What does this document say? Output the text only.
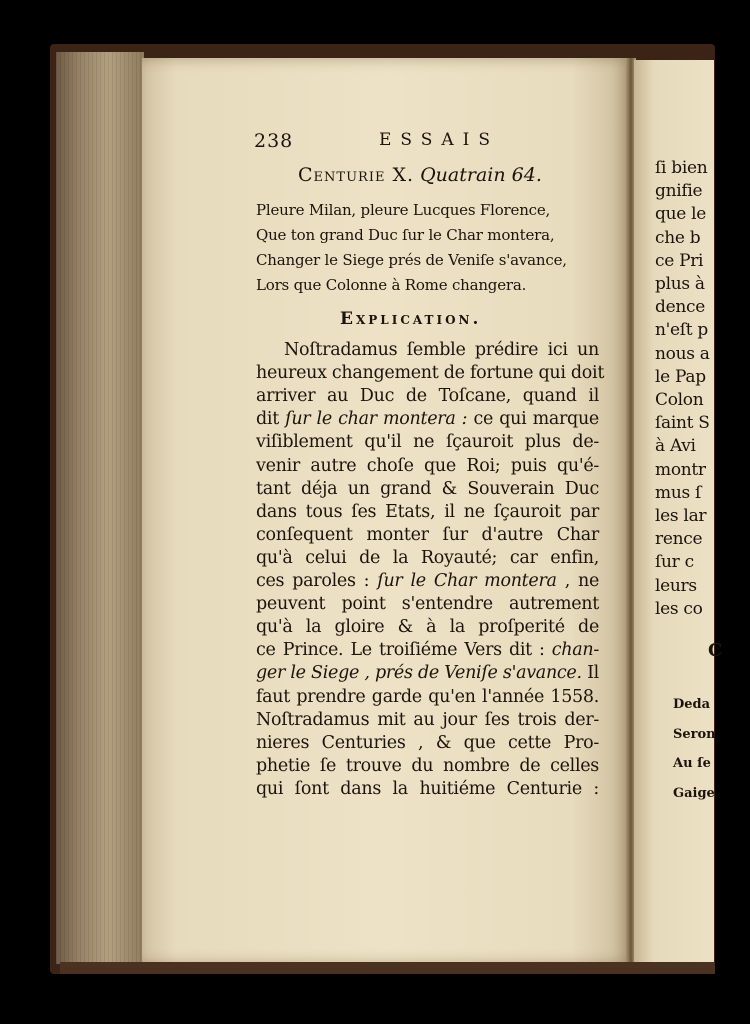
238	ESSAIS
Centurie X. Quatrain 64.
Pleure Milan, pleure Lucques Florence,
Que ton grand Duc ſur le Char montera,
Changer le Siege prés de Veniſe s'avance,
Lors que Colonne à Rome changera.
Explication.
Noſtradamus ſemble prédire ici un
heureux changement de fortune qui doit
arriver au Duc de Toſcane, quand il
dit ſur le char montera : ce qui marque
viſiblement qu'il ne ſçauroit plus de-
venir autre choſe que Roi; puis qu'é-
tant déja un grand & Souverain Duc
dans tous ſes Etats, il ne ſçauroit par
conſequent monter ſur d'autre Char
qu'à celui de la Royauté; car enfin,
ces paroles : ſur le Char montera , ne
peuvent point s'entendre autrement
qu'à la gloire & à la proſperité de
ce Prince. Le troiſiéme Vers dit : chan-
ger le Siege , prés de Veniſe s'avance. Il
faut prendre garde qu'en l'année 1558.
Noſtradamus mit au jour ſes trois der-
nieres Centuries , & que cette Pro-
phetie ſe trouve du nombre de celles
qui ſont dans la huitiéme Centurie :
ſi bien
gnifie
que le
che b
ce Pri
plus à
dence
n'eſt p
nous a
le Pap
Colon
ſaint S
à Avi
montr
mus ſ
les lar
rence
ſur c
leurs
les co
Deda
Seron
Au ſe
Gaige
C
